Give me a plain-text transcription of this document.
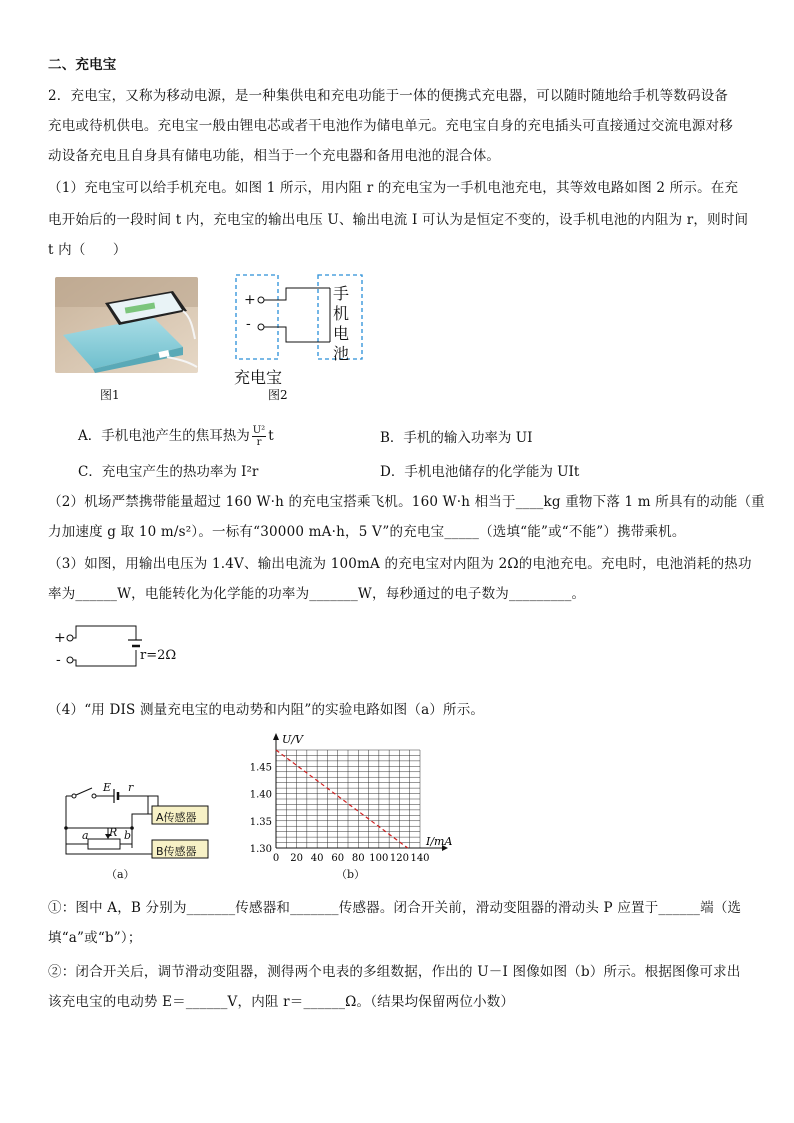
二、充电宝
2．充电宝，又称为移动电源，是一种集供电和充电功能于一体的便携式充电器，可以随时随地给手机等数码设备
充电或待机供电。充电宝一般由锂电芯或者干电池作为储电单元。充电宝自身的充电插头可直接通过交流电源对移
动设备充电且自身具有储电功能，相当于一个充电器和备用电池的混合体。
（1）充电宝可以给手机充电。如图 1 所示，用内阻 r 的充电宝为一手机电池充电，其等效电路如图 2 所示。在充
电开始后的一段时间 t 内，充电宝的输出电压 U、输出电流 I 可认为是恒定不变的，设手机电池的内阻为 r，则时间
t 内（　　）
图1
+
-
手
机
电
池
充电宝
图2
A．手机电池产生的焦耳热为 $\frac{\text{U²}}{r}$ t	B．手机的输入功率为 UI
C．充电宝产生的热功率为 I²r	D．手机电池储存的化学能为 UIt
（2）机场严禁携带能量超过 160 W·h 的充电宝搭乘飞机。160 W·h 相当于____kg 重物下落 1 m 所具有的动能（重
力加速度 g 取 10 m/s²）。一标有“30000 mA·h，5 V”的充电宝_____（选填“能”或“不能”）携带乘机。
（3）如图，用输出电压为 1.4V、输出电流为 100mA 的充电宝对内阻为 2Ω的电池充电。充电时，电池消耗的热功
率为______W，电能转化为化学能的功率为_______W，每秒通过的电子数为_________。
+
-	r=2Ω
（4）“用 DIS 测量充电宝的电动势和内阻”的实验电路如图（a）所示。
E r
R
a	b
A传感器
B传感器
（a）
0 20 40 60 80 100 120 140
1.30
1.35
1.40
1.45
U/V
I/mA
（b）
①：图中 A，B 分别为_______传感器和_______传感器。闭合开关前，滑动变阻器的滑动头 P 应置于______端（选
填“a”或“b”）；
②：闭合开关后，调节滑动变阻器，测得两个电表的多组数据，作出的 U－I 图像如图（b）所示。根据图像可求出
该充电宝的电动势 E＝______V，内阻 r＝______Ω。（结果均保留两位小数）
